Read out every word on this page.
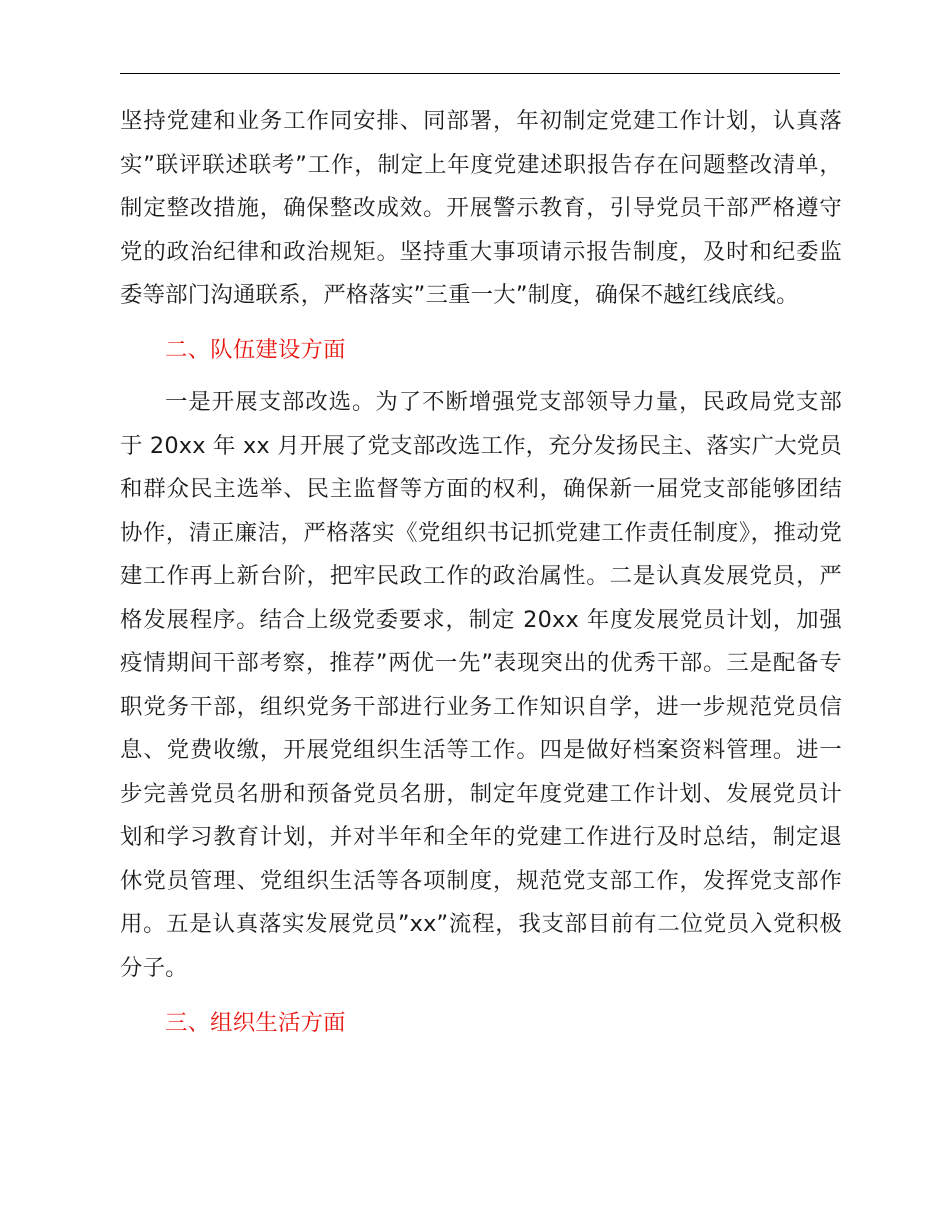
坚持党建和业务工作同安排、同部署，年初制定党建工作计划，认真落实”联评联述联考”工作，制定上年度党建述职报告存在问题整改清单，制定整改措施，确保整改成效。开展警示教育，引导党员干部严格遵守党的政治纪律和政治规矩。坚持重大事项请示报告制度，及时和纪委监委等部门沟通联系，严格落实”三重一大”制度，确保不越红线底线。

二、队伍建设方面

一是开展支部改选。为了不断增强党支部领导力量，民政局党支部于 20xx 年 xx 月开展了党支部改选工作，充分发扬民主、落实广大党员和群众民主选举、民主监督等方面的权利，确保新一届党支部能够团结协作，清正廉洁，严格落实《党组织书记抓党建工作责任制度》，推动党建工作再上新台阶，把牢民政工作的政治属性。二是认真发展党员，严格发展程序。结合上级党委要求，制定 20xx 年度发展党员计划，加强疫情期间干部考察，推荐”两优一先”表现突出的优秀干部。三是配备专职党务干部，组织党务干部进行业务工作知识自学，进一步规范党员信息、党费收缴，开展党组织生活等工作。四是做好档案资料管理。进一步完善党员名册和预备党员名册，制定年度党建工作计划、发展党员计划和学习教育计划，并对半年和全年的党建工作进行及时总结，制定退休党员管理、党组织生活等各项制度，规范党支部工作，发挥党支部作用。五是认真落实发展党员”xx”流程，我支部目前有二位党员入党积极分子。

三、组织生活方面
